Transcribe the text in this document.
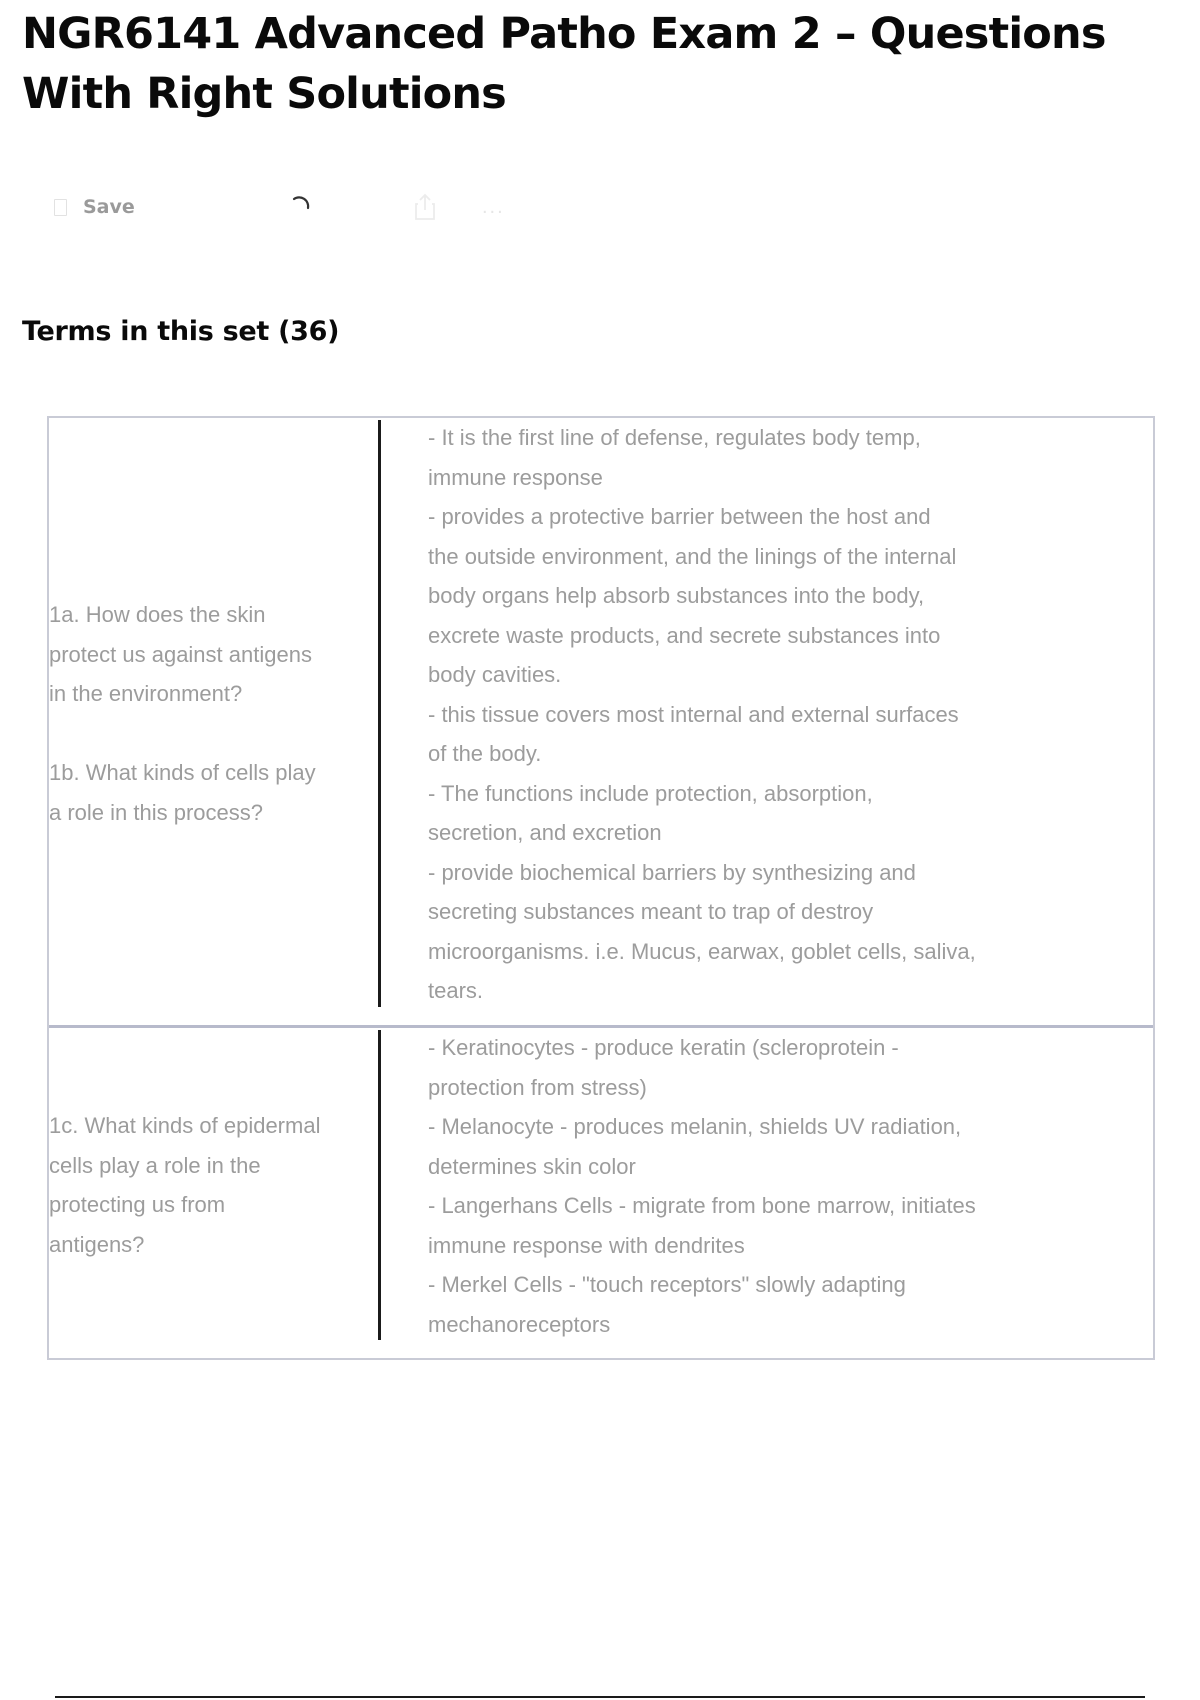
NGR6141 Advanced Patho Exam 2 – Questions With Right Solutions
Save	...
Terms in this set (36)
1a. How does the skin
protect us against antigens
in the environment?

1b. What kinds of cells play
a role in this process?
- It is the first line of defense, regulates body temp,
immune response
- provides a protective barrier between the host and
the outside environment, and the linings of the internal
body organs help absorb substances into the body,
excrete waste products, and secrete substances into
body cavities.
- this tissue covers most internal and external surfaces
of the body.
- The functions include protection, absorption,
secretion, and excretion
- provide biochemical barriers by synthesizing and
secreting substances meant to trap of destroy
microorganisms. i.e. Mucus, earwax, goblet cells, saliva,
tears.
1c. What kinds of epidermal
cells play a role in the
protecting us from
antigens?
- Keratinocytes - produce keratin (scleroprotein -
protection from stress)
- Melanocyte - produces melanin, shields UV radiation,
determines skin color
- Langerhans Cells - migrate from bone marrow, initiates
immune response with dendrites
- Merkel Cells - "touch receptors" slowly adapting
mechanoreceptors
